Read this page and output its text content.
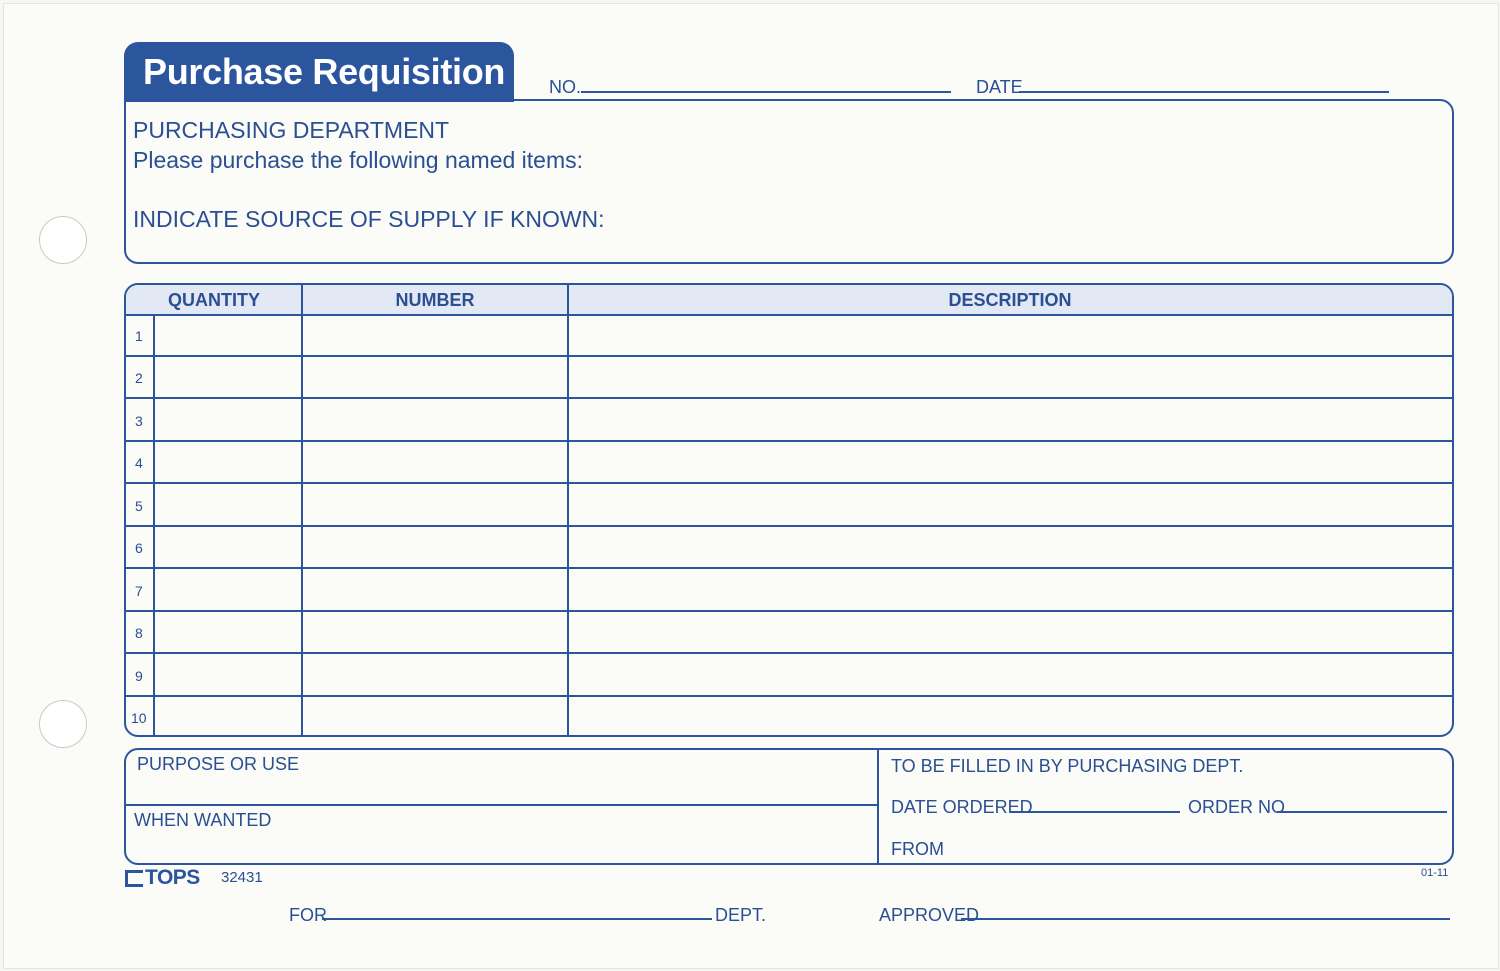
Purchase Requisition	NO.	DATE
PURCHASING DEPARTMENT
Please purchase the following named items:
INDICATE SOURCE OF SUPPLY IF KNOWN:
QUANTITY	NUMBER	DESCRIPTION
1
2
3
4
5
6
7
8
9
10
PURPOSE OR USE
WHEN WANTED
TO BE FILLED IN BY PURCHASING DEPT.
DATE ORDERED	ORDER NO.
FROM
TOPS 32431	01-11
FOR	DEPT.	APPROVED
